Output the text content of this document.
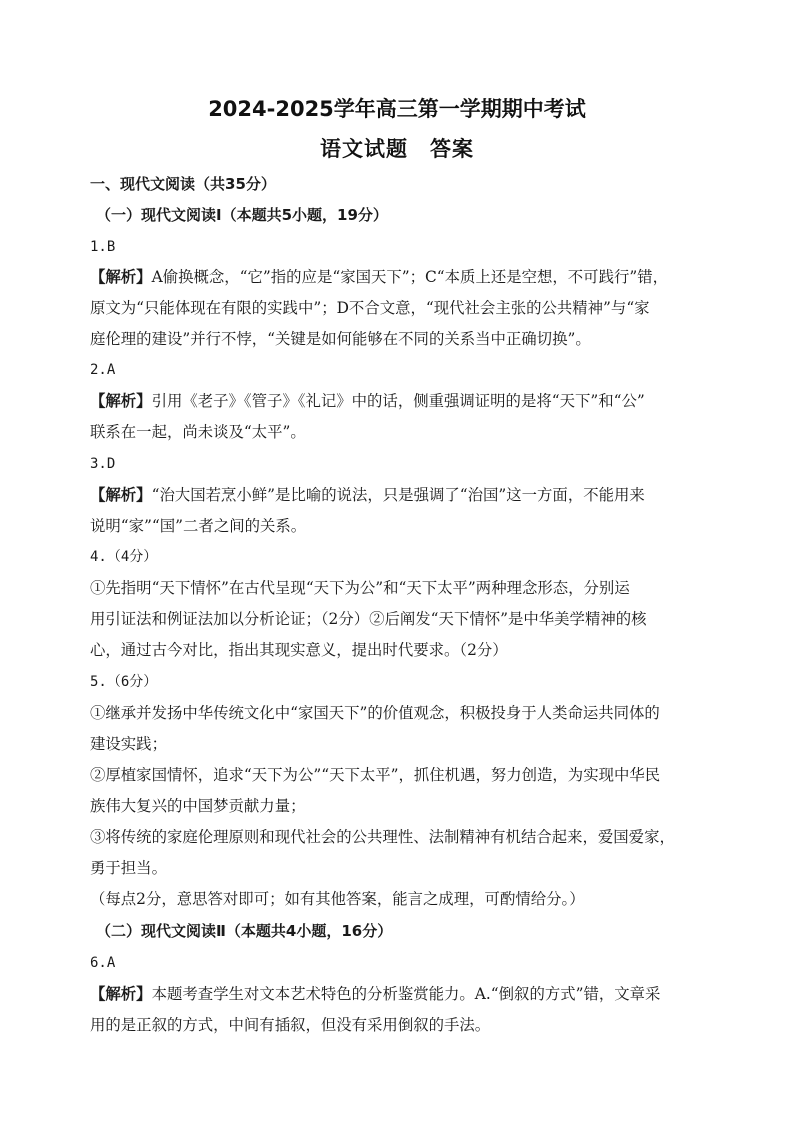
2024-2025学年高三第一学期期中考试
语文试题 答案
一、现代文阅读（共35分）
（一）现代文阅读Ⅰ（本题共5小题，19分）
1.B
【解析】A偷换概念，“它”指的应是“家国天下”；C“本质上还是空想，不可践行”错，
原文为“只能体现在有限的实践中”；D不合文意，“现代社会主张的公共精神”与“家
庭伦理的建设”并行不悖，“关键是如何能够在不同的关系当中正确切换”。
2.A
【解析】引用《老子》《管子》《礼记》中的话，侧重强调证明的是将“天下”和“公”
联系在一起，尚未谈及“太平”。
3.D
【解析】“治大国若烹小鲜”是比喻的说法，只是强调了“治国”这一方面，不能用来
说明“家”“国”二者之间的关系。
4.（4分）
①先指明“天下情怀”在古代呈现“天下为公”和“天下太平”两种理念形态，分别运
用引证法和例证法加以分析论证；（2分）②后阐发“天下情怀”是中华美学精神的核
心，通过古今对比，指出其现实意义，提出时代要求。（2分）
5.（6分）
①继承并发扬中华传统文化中“家国天下”的价值观念，积极投身于人类命运共同体的
建设实践；
②厚植家国情怀，追求“天下为公”“天下太平”，抓住机遇，努力创造，为实现中华民
族伟大复兴的中国梦贡献力量；
③将传统的家庭伦理原则和现代社会的公共理性、法制精神有机结合起来，爱国爱家，
勇于担当。
（每点2分，意思答对即可；如有其他答案，能言之成理，可酌情给分。）
（二）现代文阅读Ⅱ（本题共4小题，16分）
6.A
【解析】本题考查学生对文本艺术特色的分析鉴赏能力。A.“倒叙的方式”错，文章采
用的是正叙的方式，中间有插叙，但没有采用倒叙的手法。
